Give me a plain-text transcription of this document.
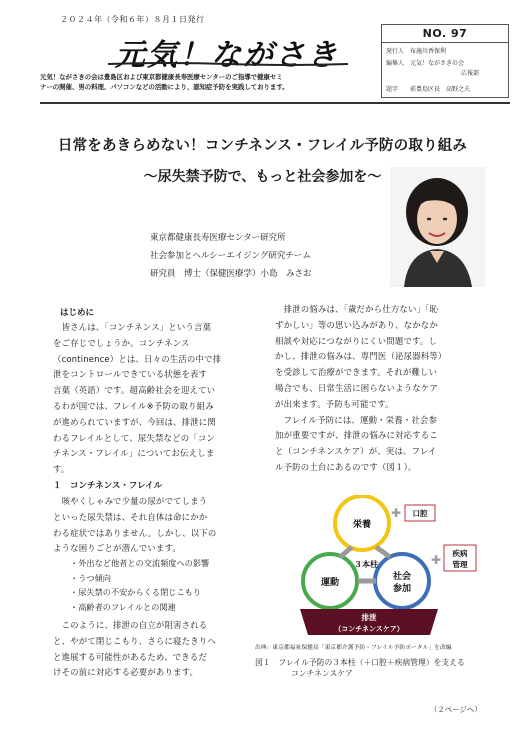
２０２４年（令和６年）８月１日発行
元気！ながさき
元気！ながさきの会は豊島区および東京都健康長寿医療センターのご指導で健康セミ
ナーの開催、男の料理、パソコンなどの活動により、認知症予防を実践しております。
NO. 97
発行人 布施川香保利
編集人 元気！ながさきの会
広報部
題字 前豊島区長　高野之夫
日常をあきらめない！コンチネンス・フレイル予防の取り組み
～尿失禁予防で、もっと社会参加を～
東京都健康長寿医療センター研究所
社会参加とヘルシーエイジング研究チーム
研究員　博士（保健医療学）小島　みさお
はじめに
　皆さんは、「コンチネンス」という言葉
をご存じでしょうか。コンチネンス
（continence）とは、日々の生活の中で排
泄をコントロールできている状態を表す
言葉（英語）です。超高齢社会を迎えてい
るわが国では、フレイル※予防の取り組み
が進められていますが、今回は、排泄に関
わるフレイルとして、尿失禁などの「コン
チネンス・フレイル」についてお伝えしま
す。
　排泄の悩みは、「歳だから仕方ない」「恥
ずかしい」等の思い込みがあり、なかなか
相談や対応につながりにくい問題です。し
かし、排泄の悩みは、専門医（泌尿器科等）
を受診して治療ができます。それが難しい
場合でも、日常生活に困らないようなケア
が出来ます。予防も可能です。
　フレイル予防には、運動・栄養・社会参
加が重要ですが、排泄の悩みに対応するこ
と（コンチネンスケア）が、実は、フレイ
ル予防の土台にあるのです（図１）。
１　コンチネンス・フレイル
　咳やくしゃみで少量の尿がでてしまう
といった尿失禁は、それ自体は命にかか
わる症状ではありません。しかし、以下の
ような困りごとが潜んでいます。
・外出など他者との交流頻度への影響
・うつ傾向
・尿失禁の不安からくる閉じこもり
・高齢者のフレイルとの関連
　このように、排泄の自立が阻害される
と、やがて閉じこもり、さらに寝たきりへ
と進展する可能性があるため、できるだ
けその前に対応する必要があります。
栄養
運動
社会
参加
３本柱
✚ 口腔
✚ 疾病
管理
排泄
（コンチネンスケア）
出典：東京都福祉保健局「東京都介護予防・フレイル予防ポータル」を改編
図１　フレイル予防の３本柱（＋口腔＋疾病管理）を支える
コンチネンスケア
（２ページへ）
